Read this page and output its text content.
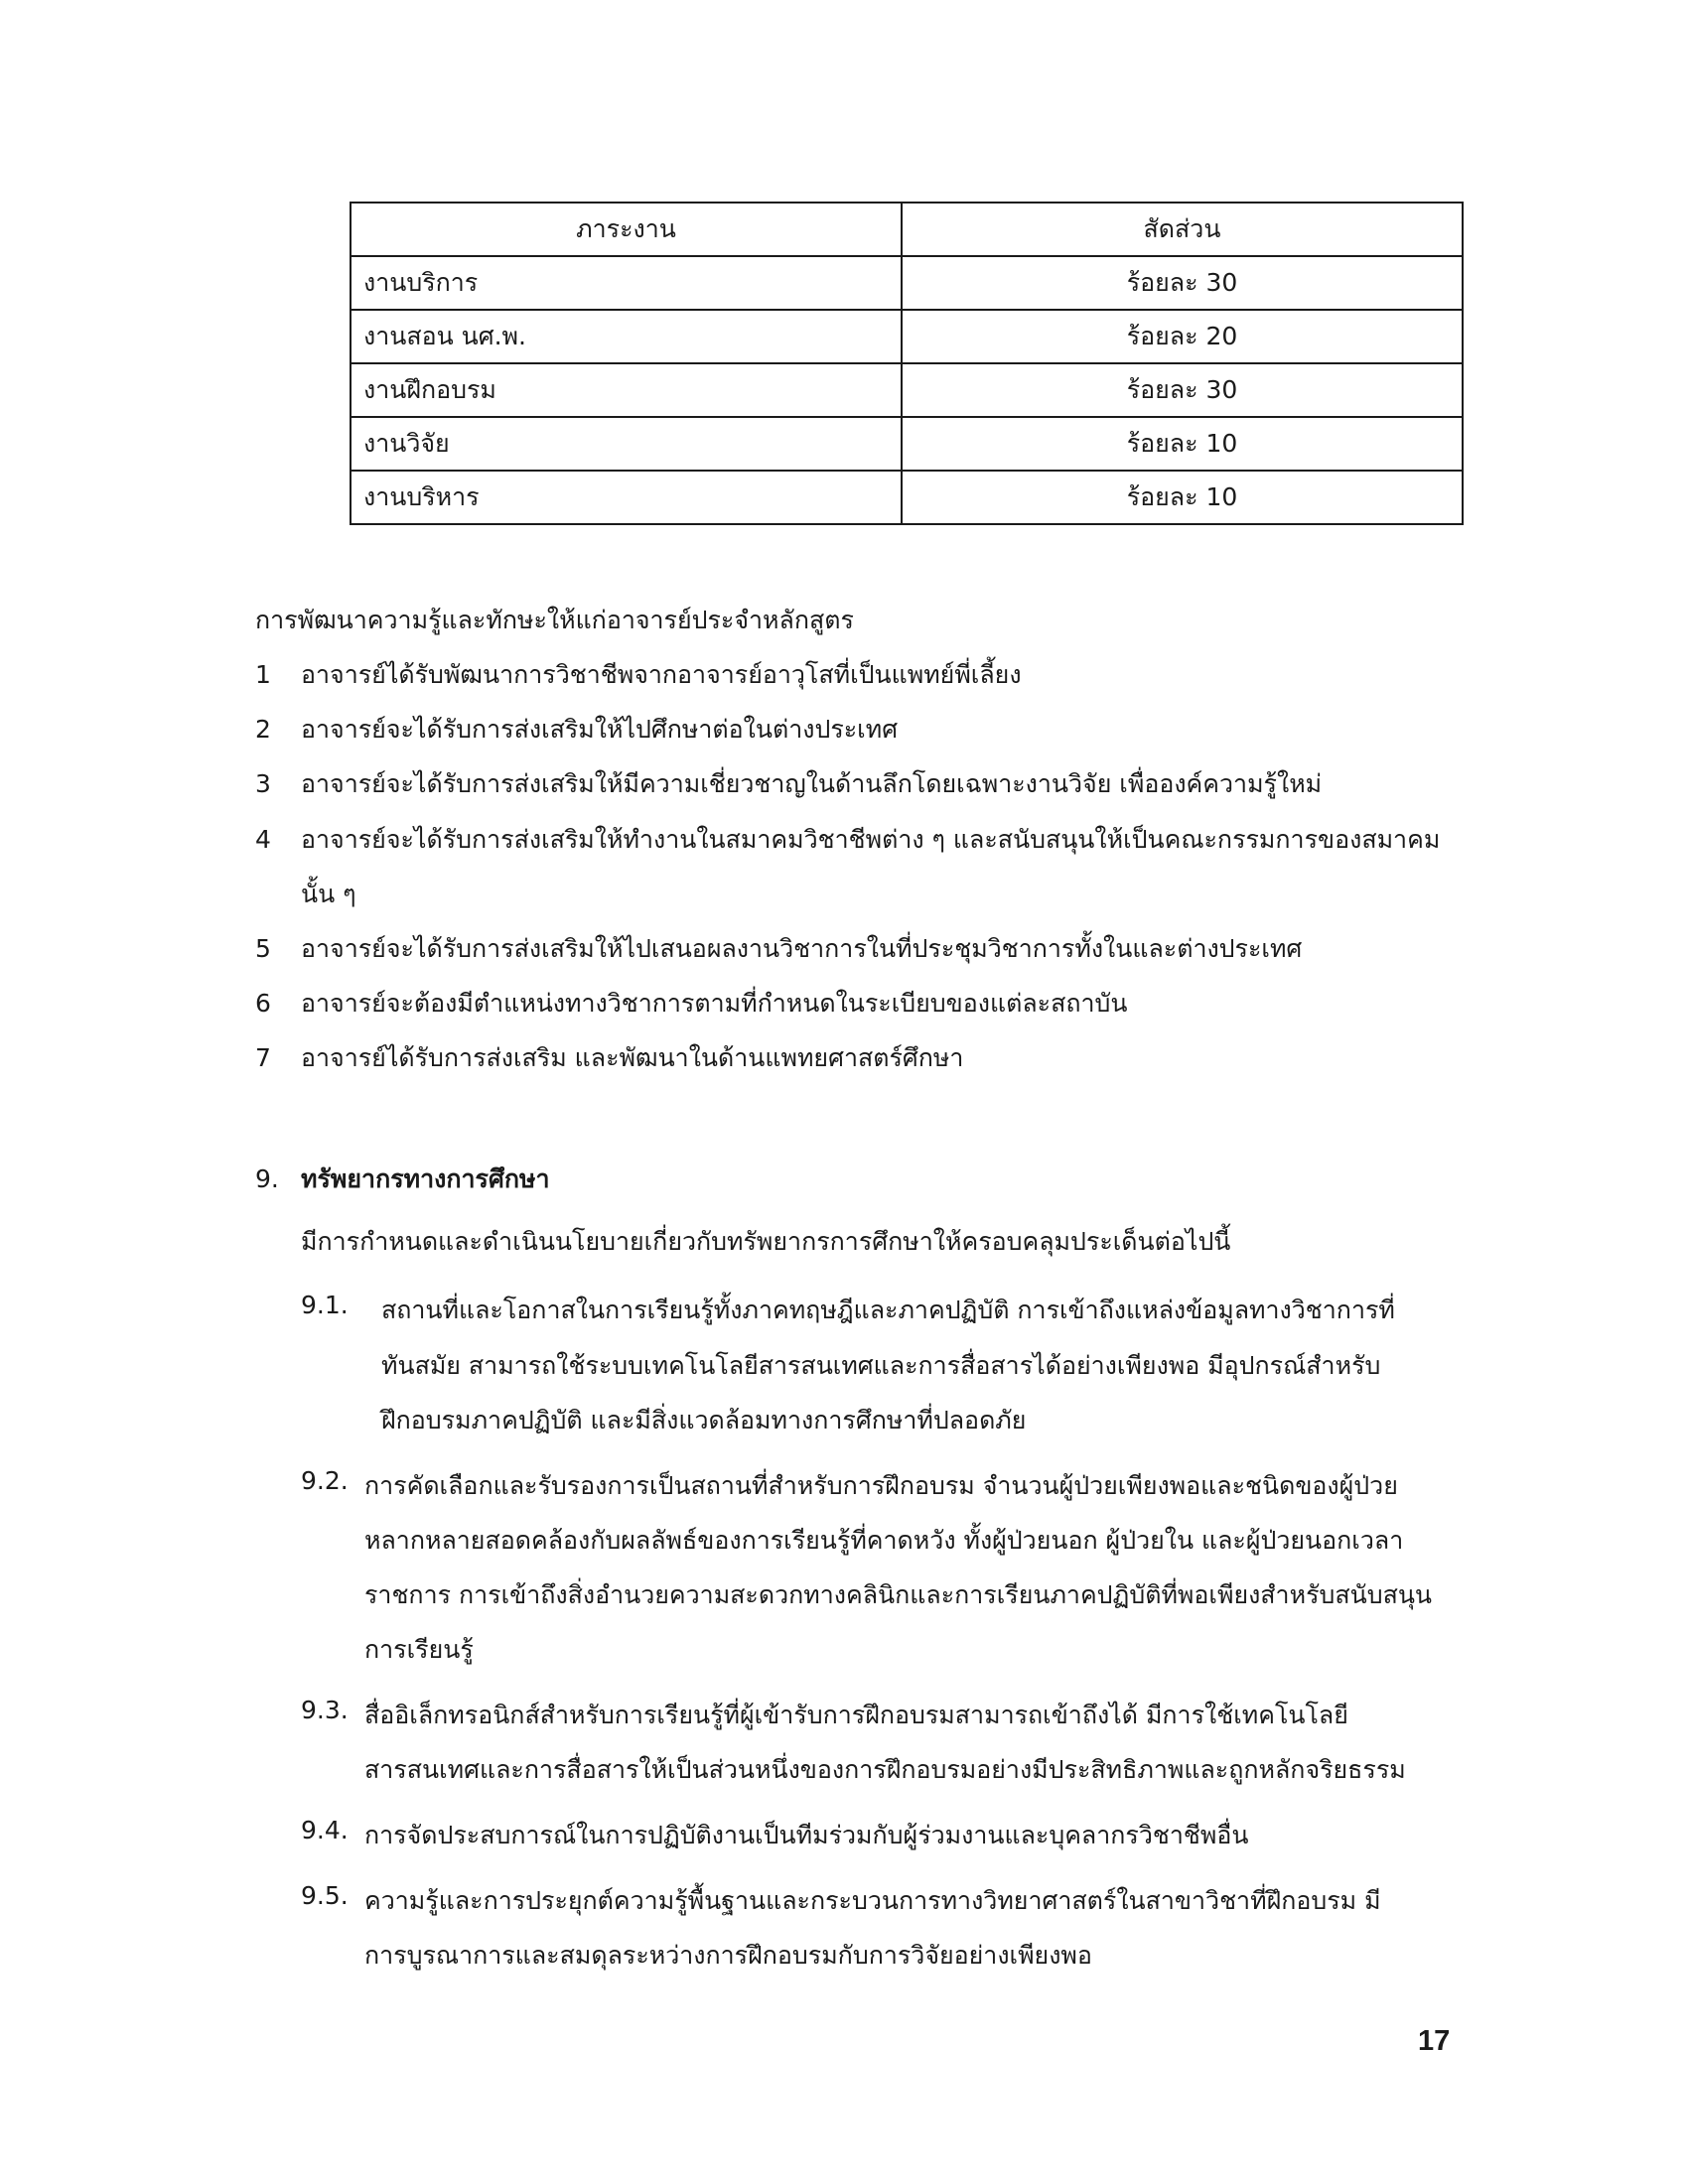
ภาระงาน	สัดส่วน
งานบริการ	ร้อยละ 30
งานสอน นศ.พ.	ร้อยละ 20
งานฝึกอบรม	ร้อยละ 30
งานวิจัย	ร้อยละ 10
งานบริหาร	ร้อยละ 10
การพัฒนาความรู้และทักษะให้แก่อาจารย์ประจำหลักสูตร
1 อาจารย์ได้รับพัฒนาการวิชาชีพจากอาจารย์อาวุโสที่เป็นแพทย์พี่เลี้ยง
2 อาจารย์จะได้รับการส่งเสริมให้ไปศึกษาต่อในต่างประเทศ
3 อาจารย์จะได้รับการส่งเสริมให้มีความเชี่ยวชาญในด้านลึกโดยเฉพาะงานวิจัย เพื่อองค์ความรู้ใหม่
4 อาจารย์จะได้รับการส่งเสริมให้ทำงานในสมาคมวิชาชีพต่าง ๆ และสนับสนุนให้เป็นคณะกรรมการของสมาคม
นั้น ๆ
5 อาจารย์จะได้รับการส่งเสริมให้ไปเสนอผลงานวิชาการในที่ประชุมวิชาการทั้งในและต่างประเทศ
6 อาจารย์จะต้องมีตำแหน่งทางวิชาการตามที่กำหนดในระเบียบของแต่ละสถาบัน
7 อาจารย์ได้รับการส่งเสริม และพัฒนาในด้านแพทยศาสตร์ศึกษา
9. ทรัพยากรทางการศึกษา
มีการกำหนดและดำเนินนโยบายเกี่ยวกับทรัพยากรการศึกษาให้ครอบคลุมประเด็นต่อไปนี้
9.1. สถานที่และโอกาสในการเรียนรู้ทั้งภาคทฤษฎีและภาคปฏิบัติ การเข้าถึงแหล่งข้อมูลทางวิชาการที่
ทันสมัย สามารถใช้ระบบเทคโนโลยีสารสนเทศและการสื่อสารได้อย่างเพียงพอ มีอุปกรณ์สำหรับ
ฝึกอบรมภาคปฏิบัติ และมีสิ่งแวดล้อมทางการศึกษาที่ปลอดภัย
9.2. การคัดเลือกและรับรองการเป็นสถานที่สำหรับการฝึกอบรม จำนวนผู้ป่วยเพียงพอและชนิดของผู้ป่วย
หลากหลายสอดคล้องกับผลลัพธ์ของการเรียนรู้ที่คาดหวัง ทั้งผู้ป่วยนอก ผู้ป่วยใน และผู้ป่วยนอกเวลา
ราชการ การเข้าถึงสิ่งอำนวยความสะดวกทางคลินิกและการเรียนภาคปฏิบัติที่พอเพียงสำหรับสนับสนุน
การเรียนรู้
9.3. สื่ออิเล็กทรอนิกส์สำหรับการเรียนรู้ที่ผู้เข้ารับการฝึกอบรมสามารถเข้าถึงได้ มีการใช้เทคโนโลยี
สารสนเทศและการสื่อสารให้เป็นส่วนหนึ่งของการฝึกอบรมอย่างมีประสิทธิภาพและถูกหลักจริยธรรม
9.4. การจัดประสบการณ์ในการปฏิบัติงานเป็นทีมร่วมกับผู้ร่วมงานและบุคลากรวิชาชีพอื่น
9.5. ความรู้และการประยุกต์ความรู้พื้นฐานและกระบวนการทางวิทยาศาสตร์ในสาขาวิชาที่ฝึกอบรม มี
การบูรณาการและสมดุลระหว่างการฝึกอบรมกับการวิจัยอย่างเพียงพอ
17
